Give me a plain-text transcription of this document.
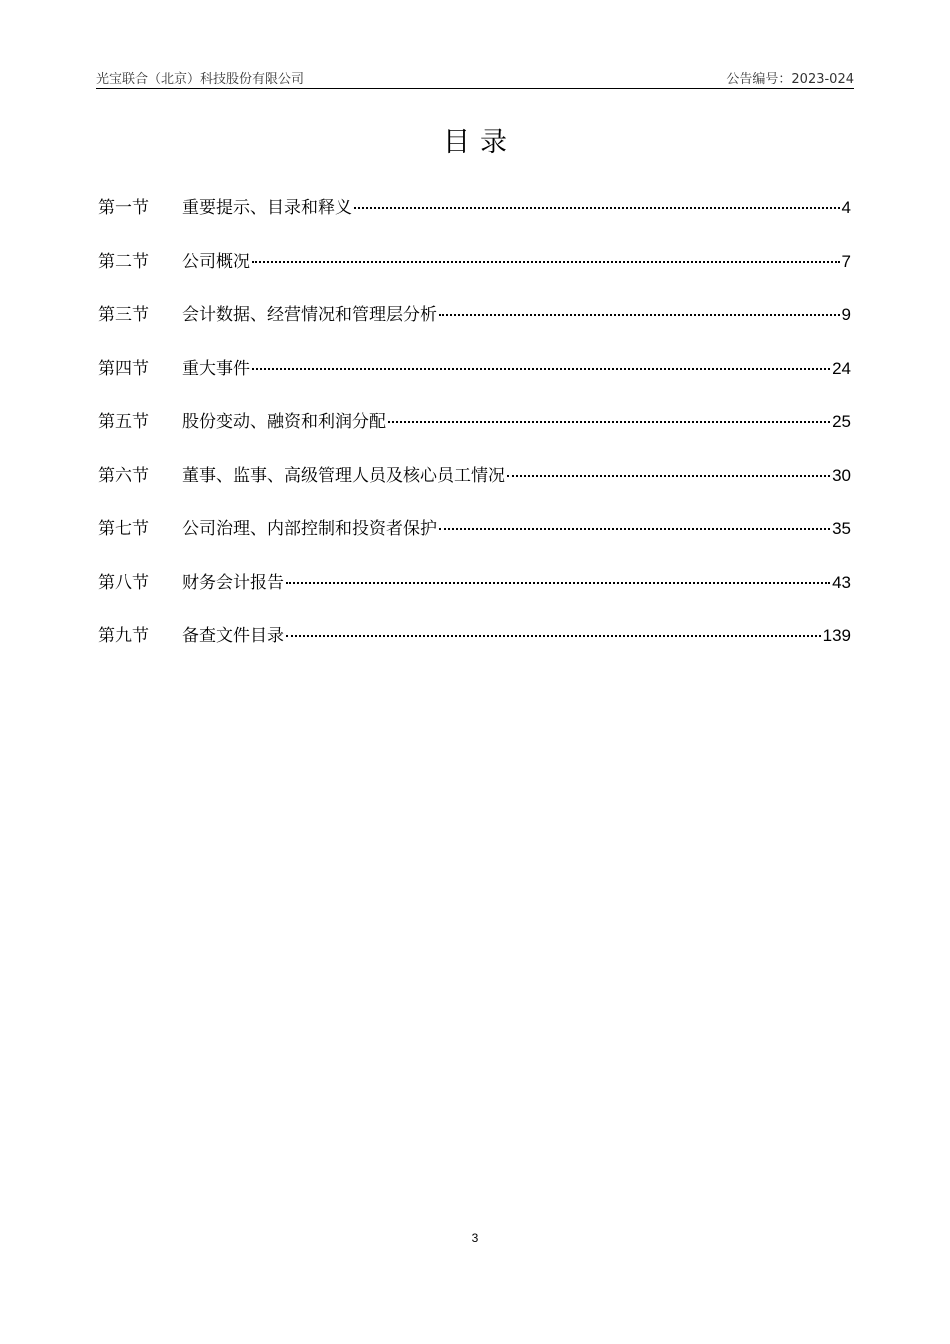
光宝联合（北京）科技股份有限公司	公告编号：2023-024
目录
第一节	重要提示、目录和释义	4
第二节	公司概况	7
第三节	会计数据、经营情况和管理层分析	9
第四节	重大事件	24
第五节	股份变动、融资和利润分配	25
第六节	董事、监事、高级管理人员及核心员工情况	30
第七节	公司治理、内部控制和投资者保护	35
第八节	财务会计报告	43
第九节	备查文件目录	139
3
